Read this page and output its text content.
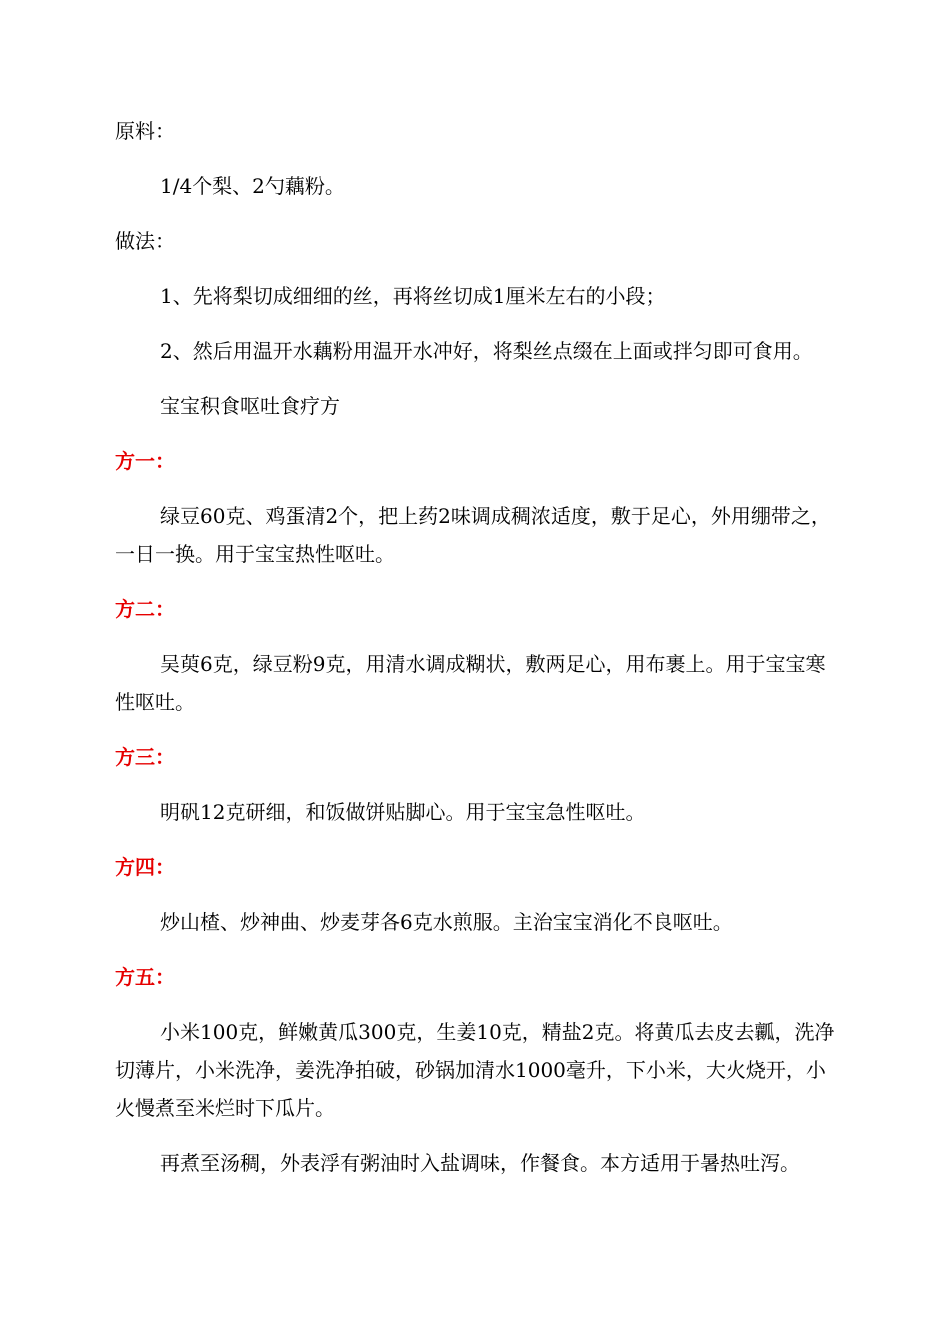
原料：

1/4个梨、2勺藕粉。

做法：

1、先将梨切成细细的丝，再将丝切成1厘米左右的小段；

2、然后用温开水藕粉用温开水冲好，将梨丝点缀在上面或拌匀即可食用。

宝宝积食呕吐食疗方

方一：

绿豆60克、鸡蛋清2个，把上药2味调成稠浓适度，敷于足心，外用绷带之，一日一换。用于宝宝热性呕吐。

方二：

吴萸6克，绿豆粉9克，用清水调成糊状，敷两足心，用布裹上。用于宝宝寒性呕吐。

方三：

明矾12克研细，和饭做饼贴脚心。用于宝宝急性呕吐。

方四：

炒山楂、炒神曲、炒麦芽各6克水煎服。主治宝宝消化不良呕吐。

方五：

小米100克，鲜嫩黄瓜300克，生姜10克，精盐2克。将黄瓜去皮去瓤，洗净切薄片，小米洗净，姜洗净拍破，砂锅加清水1000毫升，下小米，大火烧开，小火慢煮至米烂时下瓜片。

再煮至汤稠，外表浮有粥油时入盐调味，作餐食。本方适用于暑热吐泻。
